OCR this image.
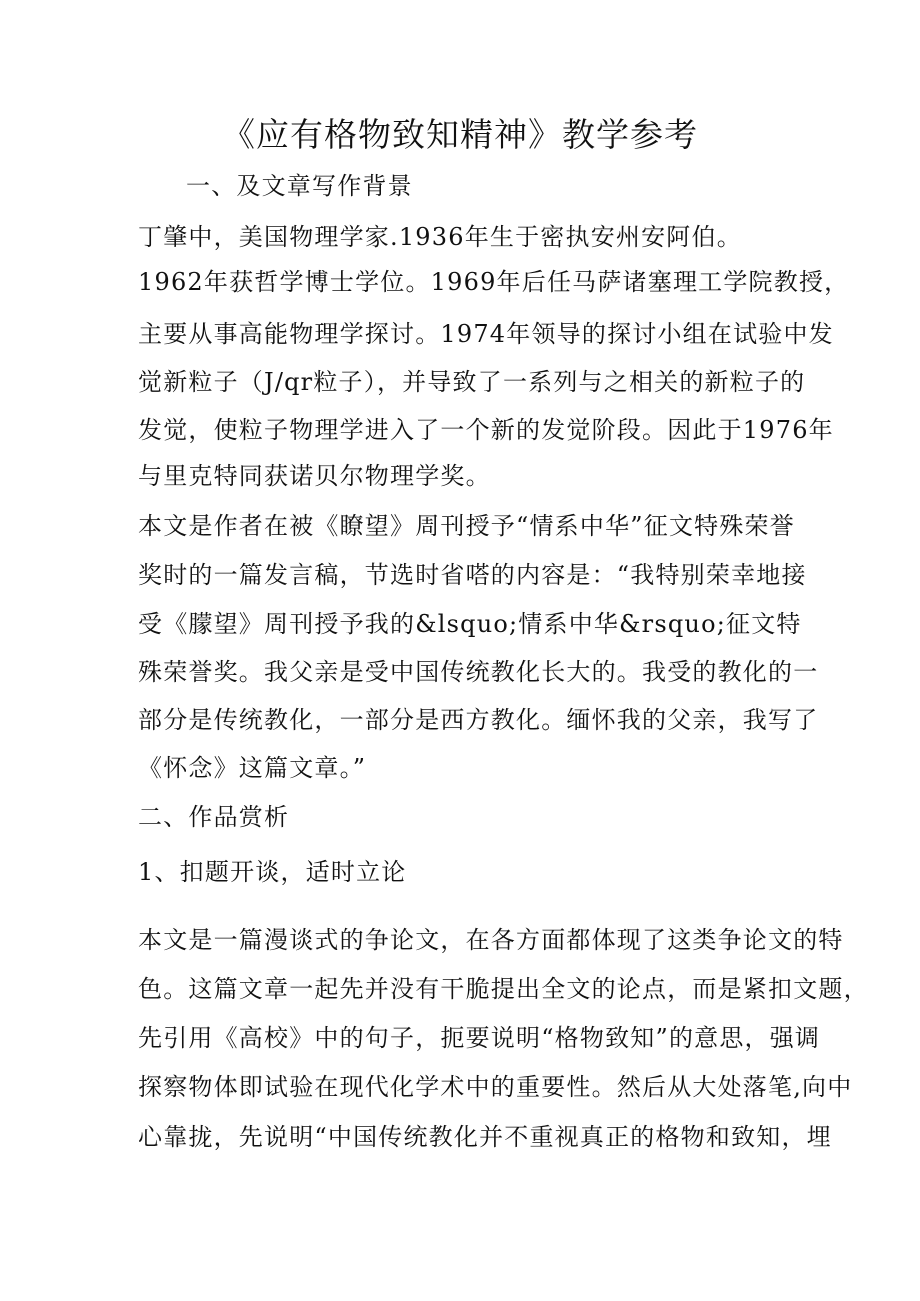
《应有格物致知精神》教学参考
一、及文章写作背景
丁肇中，美国物理学家.1936年生于密执安州安阿伯。
1962年获哲学博士学位。1969年后任马萨诸塞理工学院教授，
主要从事高能物理学探讨。1974年领导的探讨小组在试验中发
觉新粒子（J/qr粒子），并导致了一系列与之相关的新粒子的
发觉，使粒子物理学进入了一个新的发觉阶段。因此于1976年
与里克特同获诺贝尔物理学奖。
本文是作者在被《瞭望》周刊授予“情系中华”征文特殊荣誉
奖时的一篇发言稿，节选时省嗒的内容是：“我特别荣幸地接
受《朦望》周刊授予我的&lsquo;情系中华&rsquo;征文特
殊荣誉奖。我父亲是受中国传统教化长大的。我受的教化的一
部分是传统教化，一部分是西方教化。缅怀我的父亲，我写了
《怀念》这篇文章。”
二、作品赏析
1、扣题开谈，适时立论
本文是一篇漫谈式的争论文，在各方面都体现了这类争论文的特
色。这篇文章一起先并没有干脆提出全文的论点，而是紧扣文题，
先引用《高校》中的句子，扼要说明“格物致知”的意思，强调
探察物体即试验在现代化学术中的重要性。然后从大处落笔,向中
心靠拢，先说明“中国传统教化并不重视真正的格物和致知，埋
